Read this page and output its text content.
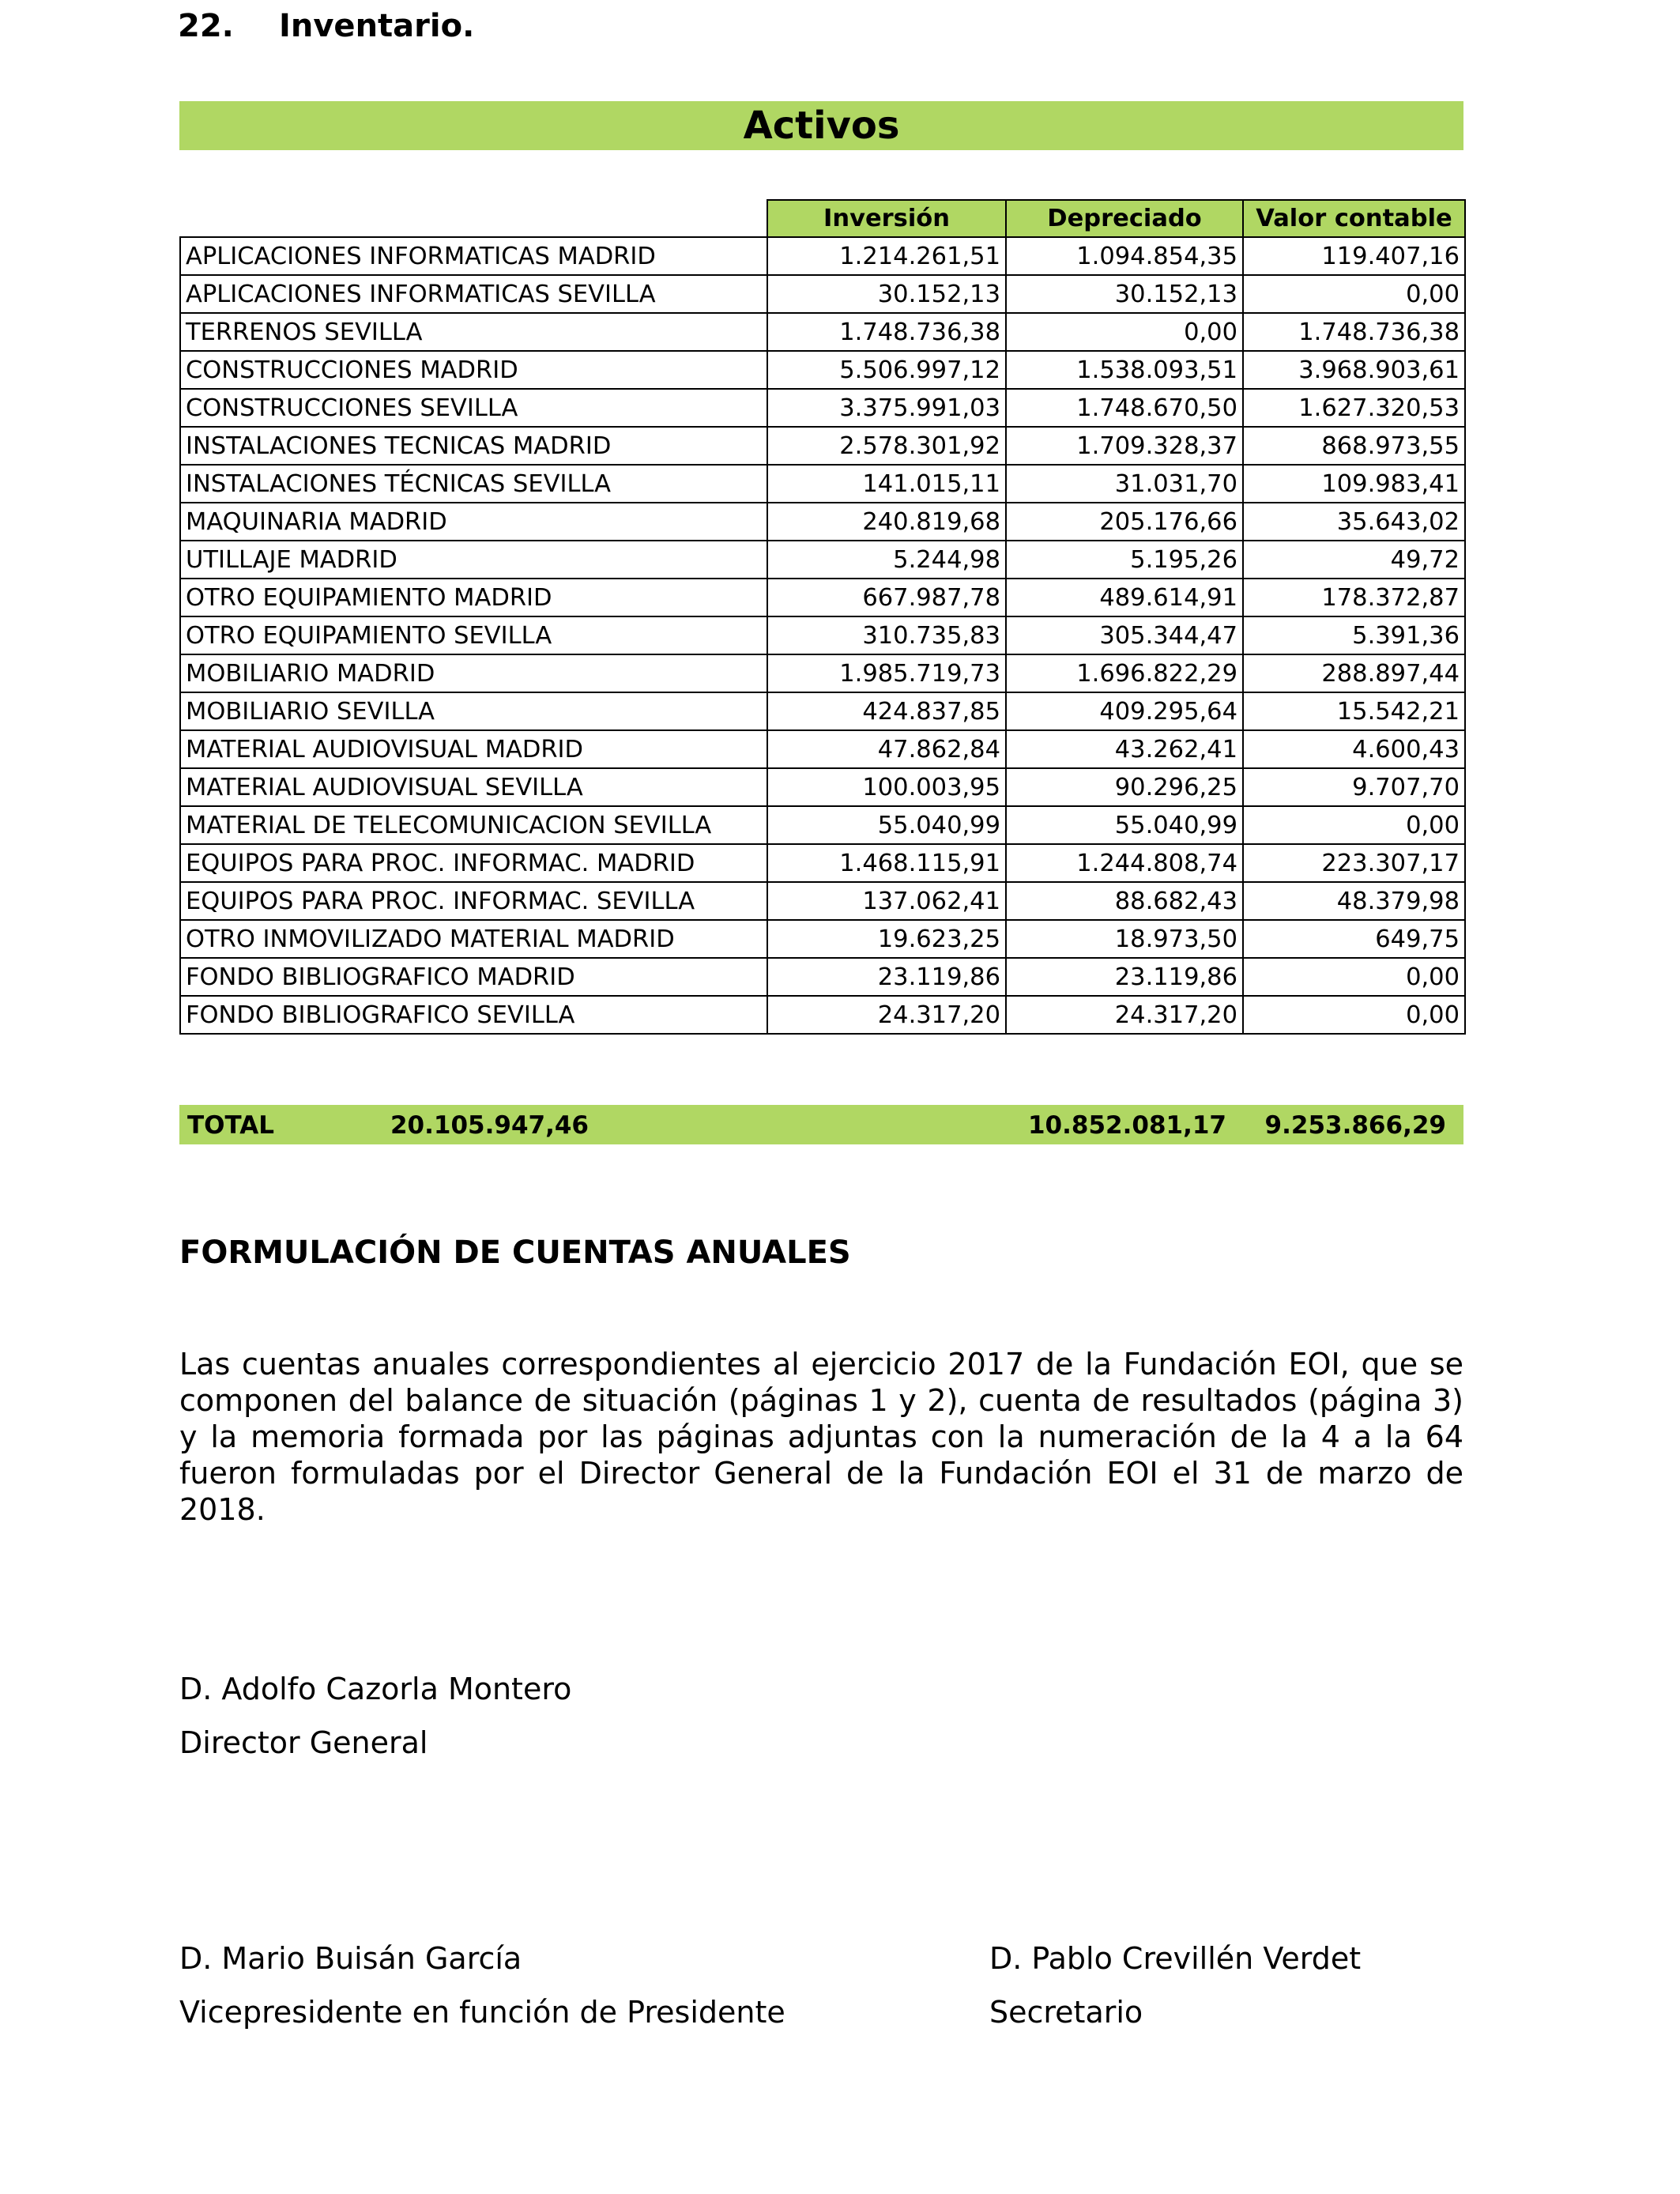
22. Inventario.
Activos
	Inversión	Depreciado	Valor contable
APLICACIONES INFORMATICAS MADRID	1.214.261,51	1.094.854,35	119.407,16
APLICACIONES INFORMATICAS SEVILLA	30.152,13	30.152,13	0,00
TERRENOS SEVILLA	1.748.736,38	0,00	1.748.736,38
CONSTRUCCIONES MADRID	5.506.997,12	1.538.093,51	3.968.903,61
CONSTRUCCIONES SEVILLA	3.375.991,03	1.748.670,50	1.627.320,53
INSTALACIONES TECNICAS MADRID	2.578.301,92	1.709.328,37	868.973,55
INSTALACIONES TÉCNICAS SEVILLA	141.015,11	31.031,70	109.983,41
MAQUINARIA MADRID	240.819,68	205.176,66	35.643,02
UTILLAJE MADRID	5.244,98	5.195,26	49,72
OTRO EQUIPAMIENTO MADRID	667.987,78	489.614,91	178.372,87
OTRO EQUIPAMIENTO SEVILLA	310.735,83	305.344,47	5.391,36
MOBILIARIO MADRID	1.985.719,73	1.696.822,29	288.897,44
MOBILIARIO SEVILLA	424.837,85	409.295,64	15.542,21
MATERIAL AUDIOVISUAL MADRID	47.862,84	43.262,41	4.600,43
MATERIAL AUDIOVISUAL SEVILLA	100.003,95	90.296,25	9.707,70
MATERIAL DE TELECOMUNICACION SEVILLA	55.040,99	55.040,99	0,00
EQUIPOS PARA PROC. INFORMAC. MADRID	1.468.115,91	1.244.808,74	223.307,17
EQUIPOS PARA PROC. INFORMAC. SEVILLA	137.062,41	88.682,43	48.379,98
OTRO INMOVILIZADO MATERIAL MADRID	19.623,25	18.973,50	649,75
FONDO BIBLIOGRAFICO MADRID	23.119,86	23.119,86	0,00
FONDO BIBLIOGRAFICO SEVILLA	24.317,20	24.317,20	0,00
TOTAL	20.105.947,46	10.852.081,17 9.253.866,29
FORMULACIÓN DE CUENTAS ANUALES
Las cuentas anuales correspondientes al ejercicio 2017 de la Fundación EOI, que se componen del balance de situación (páginas 1 y 2), cuenta de resultados (página 3) y la memoria formada por las páginas adjuntas con la numeración de la 4 a la 64 fueron formuladas por el Director General de la Fundación EOI el 31 de marzo de 2018.
D. Adolfo Cazorla Montero
Director General
D. Mario Buisán García
Vicepresidente en función de Presidente
D. Pablo Crevillén Verdet
Secretario
